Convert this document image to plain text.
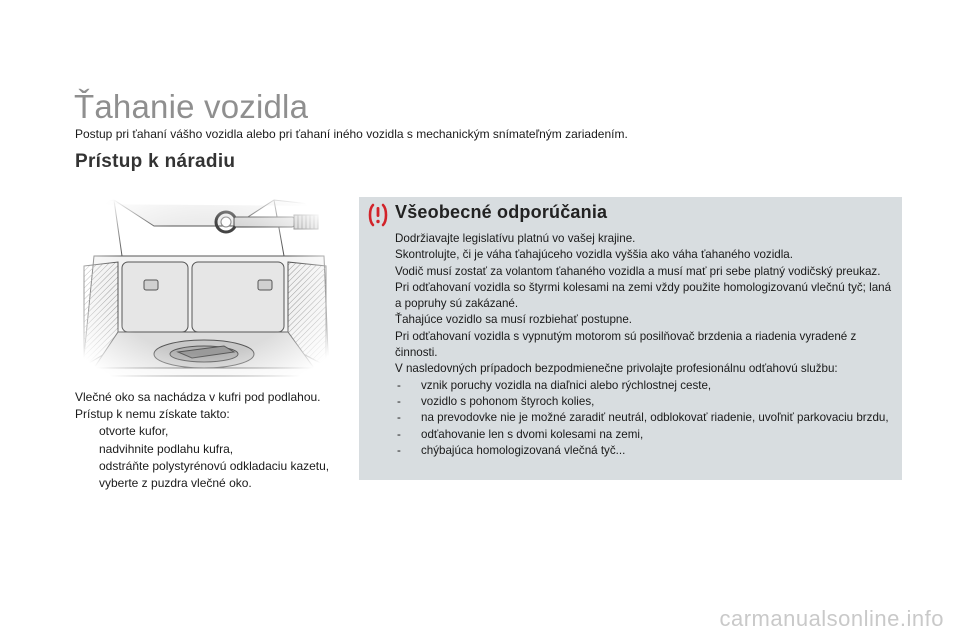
Ťahanie vozidla
Postup pri ťahaní vášho vozidla alebo pri ťahaní iného vozidla s mechanickým snímateľným zariadením.
Prístup k náradiu

Vlečné oko sa nachádza v kufri pod podlahou.

Prístup k nemu získate takto:

otvorte kufor,
nadvihnite podlahu kufra,
odstráňte polystyrénovú odkladaciu kazetu,
vyberte z puzdra vlečné oko.
Všeobecné odporúčania

Dodržiavajte legislatívu platnú vo vašej krajine.

Skontrolujte, či je váha ťahajúceho vozidla vyššia ako váha ťahaného vozidla.

Vodič musí zostať za volantom ťahaného vozidla a musí mať pri sebe platný vodičský preukaz.

Pri odťahovaní vozidla so štyrmi kolesami na zemi vždy použite homologizovanú vlečnú tyč; laná a popruhy sú zakázané.

Ťahajúce vozidlo sa musí rozbiehať postupne.

Pri odťahovaní vozidla s vypnutým motorom sú posilňovač brzdenia a riadenia vyradené z činnosti.

V nasledovných prípadoch bezpodmienečne privolajte profesionálnu odťahovú službu:

- vznik poruchy vozidla na diaľnici alebo rýchlostnej ceste,
- vozidlo s pohonom štyroch kolies,
- na prevodovke nie je možné zaradiť neutrál, odblokovať riadenie, uvoľniť parkovaciu brzdu,
- odťahovanie len s dvomi kolesami na zemi,
- chýbajúca homologizovaná vlečná tyč...
carmanualsonline.info
